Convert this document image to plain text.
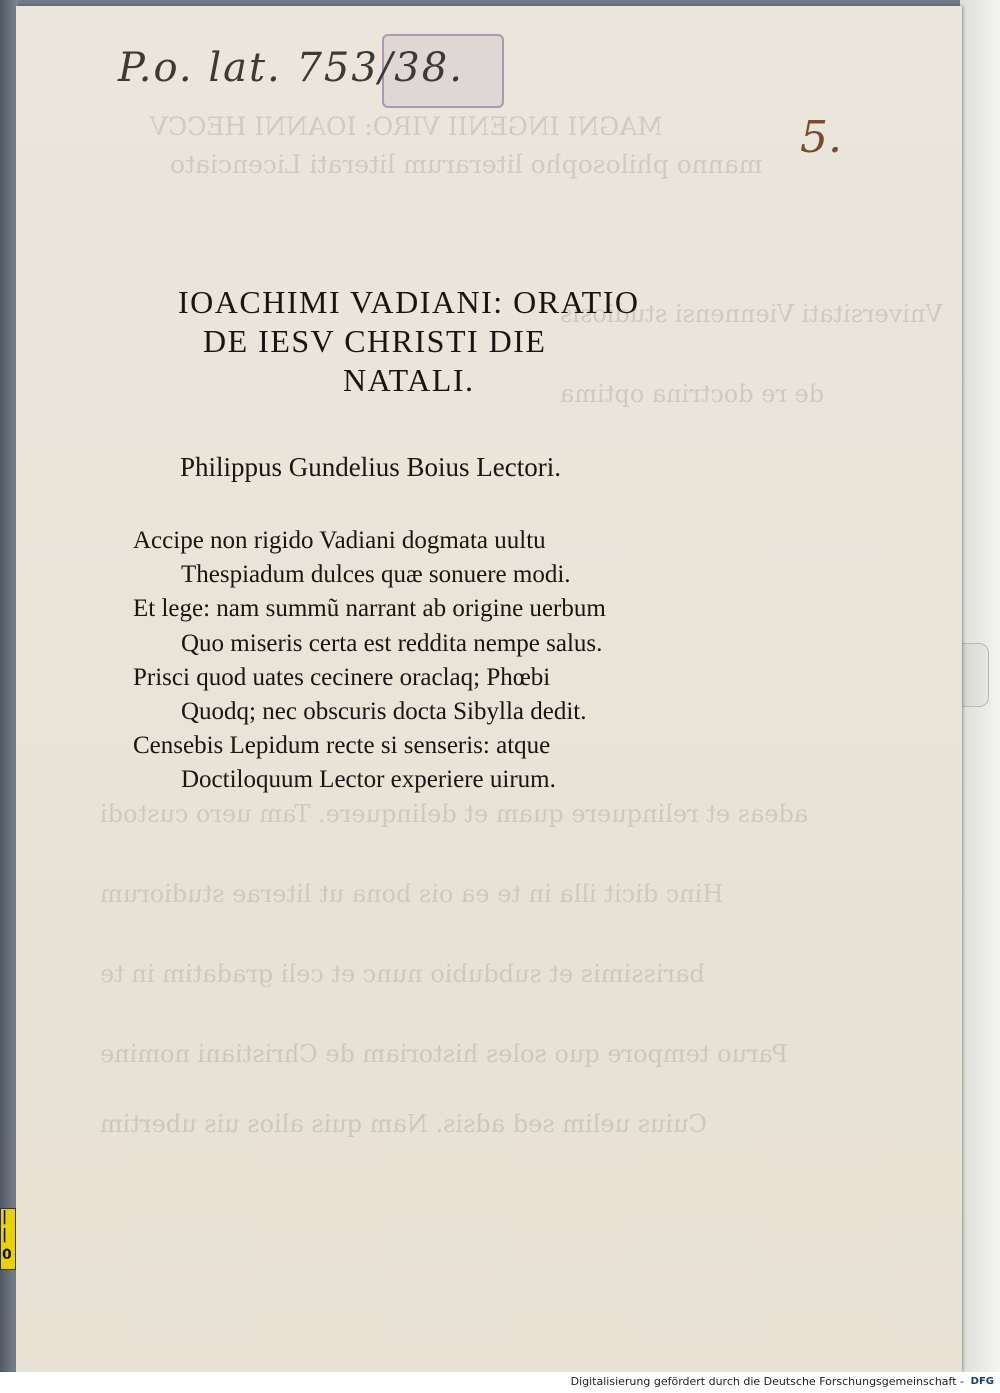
MAGNI INGENII VIRO: IOANNI HECCV
manno philosopho literarum literati Licenciato
Vniversitati Viennensi studiosis
de re doctrina optima
adeas et relinquere quam et delinquere. Tam uero custodi
Hinc dicit illa in te ea ois bona ut literae studiorum
barissimis et subdubio nunc et celi gradatim in te
Paruo tempore quo soles historiam de Christiani nomine
Cuius uelim sed adsis. Nam quis alios uis ubertim
P.o. lat. 753/38.
5.
IOACHIMI VADIANI: ORATIO
DE IESV CHRISTI DIE
NATALI.
Philippus Gundelius Boius Lectori.
Accipe non rigido Vadiani dogmata uultu
Thespiadum dulces quæ sonuere modi.
Et lege: nam summũ narrant ab origine uerbum
Quo miseris certa est reddita nempe salus.
Prisci quod uates cecinere oraclaq; Phœbi
Quodq; nec obscuris docta Sibylla dedit.
Censebis Lepidum recte si senseris: atque
Doctiloquum Lector experiere uirum.
|
|
0
Digitalisierung gefördert durch die Deutsche Forschungsgemeinschaft - DFG
